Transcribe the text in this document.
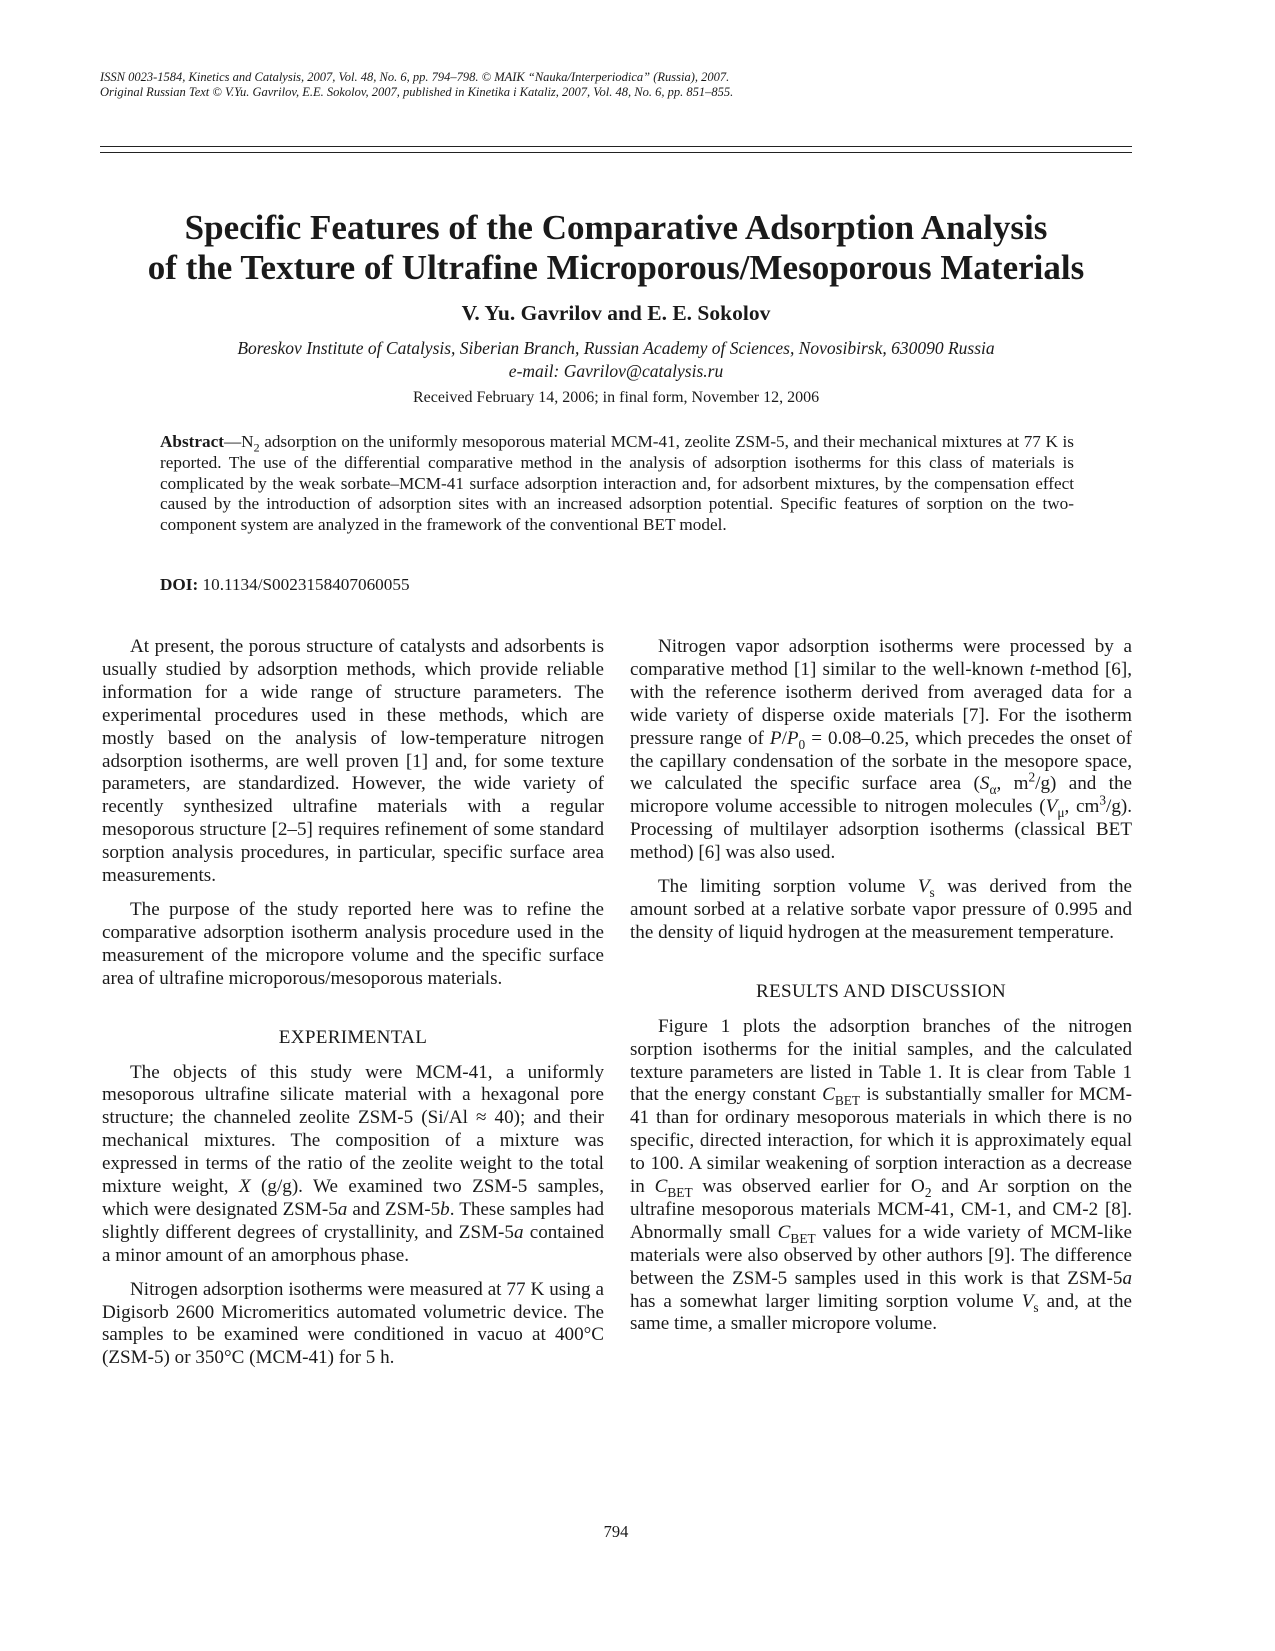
ISSN 0023-1584, Kinetics and Catalysis, 2007, Vol. 48, No. 6, pp. 794–798. © MAIK “Nauka/Interperiodica” (Russia), 2007.
Original Russian Text © V.Yu. Gavrilov, E.E. Sokolov, 2007, published in Kinetika i Kataliz, 2007, Vol. 48, No. 6, pp. 851–855.
Specific Features of the Comparative Adsorption Analysis
of the Texture of Ultrafine Microporous/Mesoporous Materials
V. Yu. Gavrilov and E. E. Sokolov
Boreskov Institute of Catalysis, Siberian Branch, Russian Academy of Sciences, Novosibirsk, 630090 Russia
e-mail: Gavrilov@catalysis.ru
Received February 14, 2006; in final form, November 12, 2006

$Abstract—N_2$ adsorption on the uniformly mesoporous material MCM-41, zeolite ZSM-5, and their mechanical mixtures at 77 K is reported. The use of the differential comparative method in the analysis of adsorption isotherms for this class of materials is complicated by the weak sorbate–MCM-41 surface adsorption interaction and, for adsorbent mixtures, by the compensation effect caused by the introduction of adsorption sites with an increased adsorption potential. Specific features of sorption on the two-component system are analyzed in the framework of the conventional BET model.

DOI: 10.1134/S0023158407060055

At present, the porous structure of catalysts and adsorbents is usually studied by adsorption methods, which provide reliable information for a wide range of structure parameters. The experimental procedures used in these methods, which are mostly based on the analysis of low-temperature nitrogen adsorption isotherms, are well proven [1] and, for some texture parameters, are standardized. However, the wide variety of recently synthesized ultrafine materials with a regular mesoporous structure [2–5] requires refinement of some standard sorption analysis procedures, in particular, specific surface area measurements.

The purpose of the study reported here was to refine the comparative adsorption isotherm analysis procedure used in the measurement of the micropore volume and the specific surface area of ultrafine microporous/mesoporous materials.

EXPERIMENTAL

The objects of this study were MCM-41, a uniformly mesoporous ultrafine silicate material with a hexagonal pore structure; the channeled zeolite ZSM-5 (Si/Al ≈ 40); and their mechanical mixtures. The composition of a mixture was expressed in terms of the ratio of the zeolite weight to the total mixture weight, X (g/g). We examined two ZSM-5 samples, which were designated ZSM-5a and ZSM-5b. These samples had slightly different degrees of crystallinity, and ZSM-5a contained a minor amount of an amorphous phase.

Nitrogen adsorption isotherms were measured at 77 K using a Digisorb 2600 Micromeritics automated volumetric device. The samples to be examined were conditioned in vacuo at 400°C (ZSM-5) or 350°C (MCM-41) for 5 h.

Nitrogen vapor adsorption isotherms were processed by a comparative method [1] similar to the well-known t-method [6], with the reference isotherm derived from averaged data for a wide variety of disperse oxide materials [7]. For the isotherm pressure range of $P/P_0 = 0.08-0.25$, which precedes the onset of the capillary condensation of the sorbate in the mesopore space, we calculated the specific surface area ($S_\alpha$, $m^2/g$) and the micropore volume accessible to nitrogen molecules ($V_\mu$, $cm^3/g$). Processing of multilayer adsorption isotherms (classical BET method) [6] was also used.

The limiting sorption volume $V_s$ was derived from the amount sorbed at a relative sorbate vapor pressure of 0.995 and the density of liquid hydrogen at the measurement temperature.

RESULTS AND DISCUSSION

Figure 1 plots the adsorption branches of the nitrogen sorption isotherms for the initial samples, and the calculated texture parameters are listed in Table 1. It is clear from Table 1 that the energy constant $C_{BET}$ is substantially smaller for MCM-41 than for ordinary mesoporous materials in which there is no specific, directed interaction, for which it is approximately equal to 100. A similar weakening of sorption interaction as a decrease in $C_{BET}$ was observed earlier for $O_2$ and Ar sorption on the ultrafine mesoporous materials MCM-41, CM-1, and CM-2 [8]. Abnormally small $C_{BET}$ values for a wide variety of MCM-like materials were also observed by other authors [9]. The difference between the ZSM-5 samples used in this work is that ZSM-5a has a somewhat larger limiting sorption volume $V_s$ and, at the same time, a smaller micropore volume.

794
